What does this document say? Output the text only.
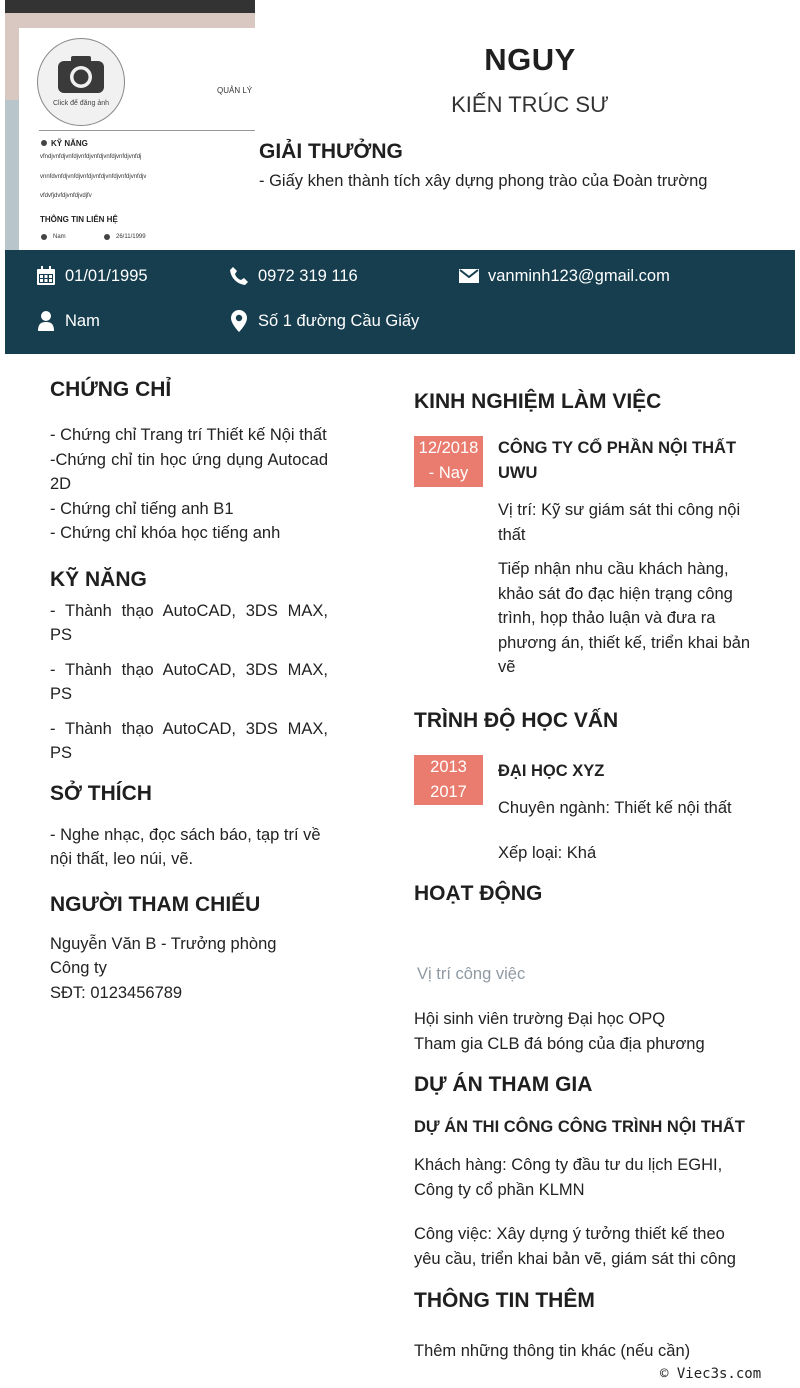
Click để đăng ảnh
QUẢN LÝ
KỸ NĂNG
vfndjvnfdjvnfdjvnfdjvnfdjvnfdjvnfdjvnfdj
vnnfdvnfdjvnfdjvnfdjvnfdjvnfdjvnfdjvnfdjv
vfdvfjdvfdjvnfdjvdjfv
THÔNG TIN LIÊN HỆ
Nam	26/11/1999
NGUY
KIẾN TRÚC SƯ
GIẢI THƯỞNG
- Giấy khen thành tích xây dựng phong trào của Đoàn trường
01/01/1995	0972 319 116	vanminh123@gmail.com
Nam	Số 1 đường Cầu Giấy
CHỨNG CHỈ
- Chứng chỉ Trang trí Thiết kế Nội thất
-Chứng chỉ tin học ứng dụng Autocad 2D
- Chứng chỉ tiếng anh B1
- Chứng chỉ khóa học tiếng anh
KỸ NĂNG
- Thành thạo AutoCAD, 3DS MAX, PS
- Thành thạo AutoCAD, 3DS MAX, PS
- Thành thạo AutoCAD, 3DS MAX, PS
SỞ THÍCH
- Nghe nhạc, đọc sách báo, tạp trí về nội thất, leo núi, vẽ.
NGƯỜI THAM CHIẾU
Nguyễn Văn B - Trưởng phòng
Công ty
SĐT: 0123456789
KINH NGHIỆM LÀM VIỆC
12/2018
- Nay
CÔNG TY CỔ PHẦN NỘI THẤT UWU
Vị trí: Kỹ sư giám sát thi công nội thất
Tiếp nhận nhu cầu khách hàng, khảo sát đo đạc hiện trạng công trình, họp thảo luận và đưa ra phương án, thiết kế, triển khai bản vẽ
TRÌNH ĐỘ HỌC VẤN
2013
2017
ĐẠI HỌC XYZ
Chuyên ngành: Thiết kế nội thất
Xếp loại: Khá
HOẠT ĐỘNG
Vị trí công việc
Hội sinh viên trường Đại học OPQ
Tham gia CLB đá bóng của địa phương
DỰ ÁN THAM GIA
DỰ ÁN THI CÔNG CÔNG TRÌNH NỘI THẤT
Khách hàng: Công ty đầu tư du lịch EGHI, Công ty cổ phần KLMN
Công việc: Xây dựng ý tưởng thiết kế theo yêu cầu, triển khai bản vẽ, giám sát thi công
THÔNG TIN THÊM
Thêm những thông tin khác (nếu cần)
© Viec3s.com
